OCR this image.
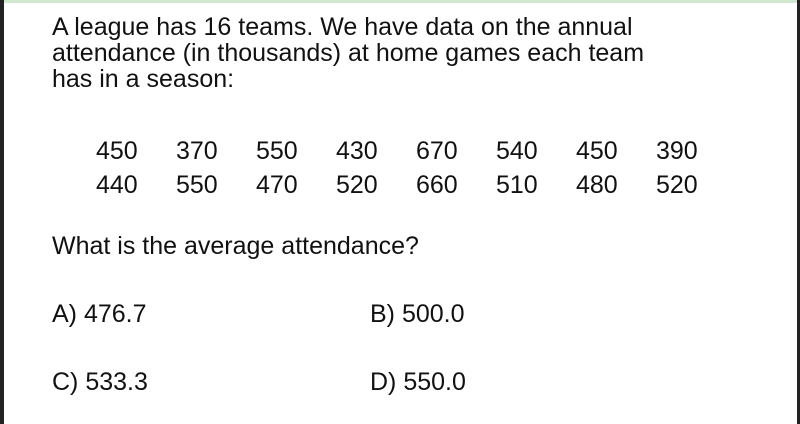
A league has 16 teams. We have data on the annual
attendance (in thousands) at home games each team
has in a season:

450	370	550	430	670	540	450	390
440	550	470	520	660	510	480	520

What is the average attendance?

A) 476.7	B) 500.0

C) 533.3	D) 550.0
